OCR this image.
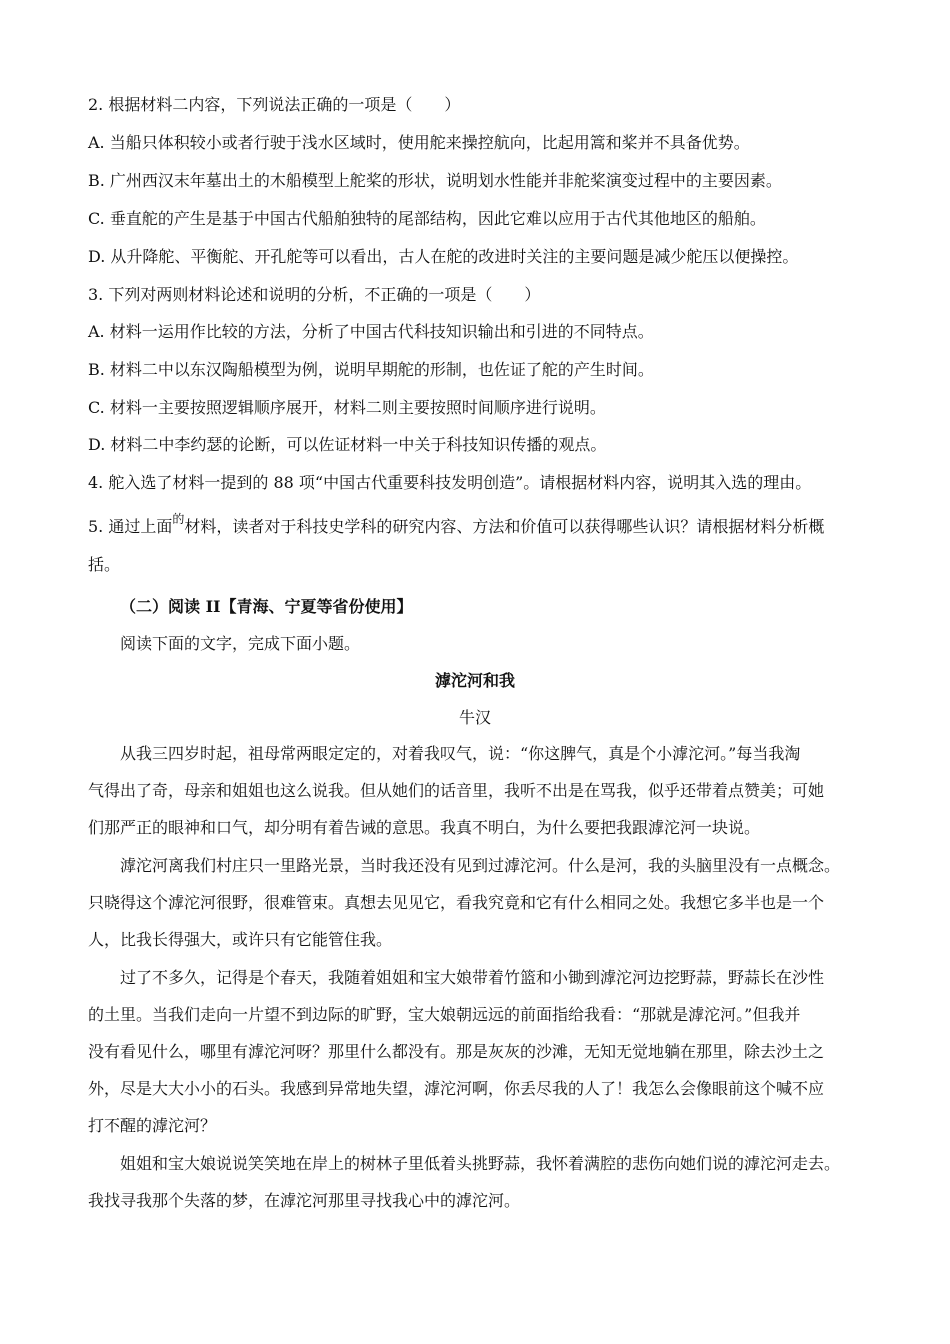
2. 根据材料二内容，下列说法正确的一项是（　　）
A. 当船只体积较小或者行驶于浅水区域时，使用舵来操控航向，比起用篙和桨并不具备优势。
B. 广州西汉末年墓出土的木船模型上舵桨的形状，说明划水性能并非舵桨演变过程中的主要因素。
C. 垂直舵的产生是基于中国古代船舶独特的尾部结构，因此它难以应用于古代其他地区的船舶。
D. 从升降舵、平衡舵、开孔舵等可以看出，古人在舵的改进时关注的主要问题是减少舵压以便操控。
3. 下列对两则材料论述和说明的分析，不正确的一项是（　　）
A. 材料一运用作比较的方法，分析了中国古代科技知识输出和引进的不同特点。
B. 材料二中以东汉陶船模型为例，说明早期舵的形制，也佐证了舵的产生时间。
C. 材料一主要按照逻辑顺序展开，材料二则主要按照时间顺序进行说明。
D. 材料二中李约瑟的论断，可以佐证材料一中关于科技知识传播的观点。
4. 舵入选了材料一提到的 88 项“中国古代重要科技发明创造”。请根据材料内容，说明其入选的理由。
5. 通过上面$^的$材料，读者对于科技史学科的研究内容、方法和价值可以获得哪些认识？请根据材料分析概
括。
（二）阅读 II【青海、宁夏等省份使用】
阅读下面的文字，完成下面小题。
滹沱河和我
牛汉
从我三四岁时起，祖母常两眼定定的，对着我叹气，说：“你这脾气，真是个小滹沱河。”每当我淘
气得出了奇，母亲和姐姐也这么说我。但从她们的话音里，我听不出是在骂我，似乎还带着点赞美；可她
们那严正的眼神和口气，却分明有着告诫的意思。我真不明白，为什么要把我跟滹沱河一块说。
滹沱河离我们村庄只一里路光景，当时我还没有见到过滹沱河。什么是河，我的头脑里没有一点概念。
只晓得这个滹沱河很野，很难管束。真想去见见它，看我究竟和它有什么相同之处。我想它多半也是一个
人，比我长得强大，或许只有它能管住我。
过了不多久，记得是个春天，我随着姐姐和宝大娘带着竹篮和小锄到滹沱河边挖野蒜，野蒜长在沙性
的土里。当我们走向一片望不到边际的旷野，宝大娘朝远远的前面指给我看：“那就是滹沱河。”但我并
没有看见什么，哪里有滹沱河呀？那里什么都没有。那是灰灰的沙滩，无知无觉地躺在那里，除去沙土之
外，尽是大大小小的石头。我感到异常地失望，滹沱河啊，你丢尽我的人了！我怎么会像眼前这个喊不应
打不醒的滹沱河？
姐姐和宝大娘说说笑笑地在岸上的树林子里低着头挑野蒜，我怀着满腔的悲伤向她们说的滹沱河走去。
我找寻我那个失落的梦，在滹沱河那里寻找我心中的滹沱河。
